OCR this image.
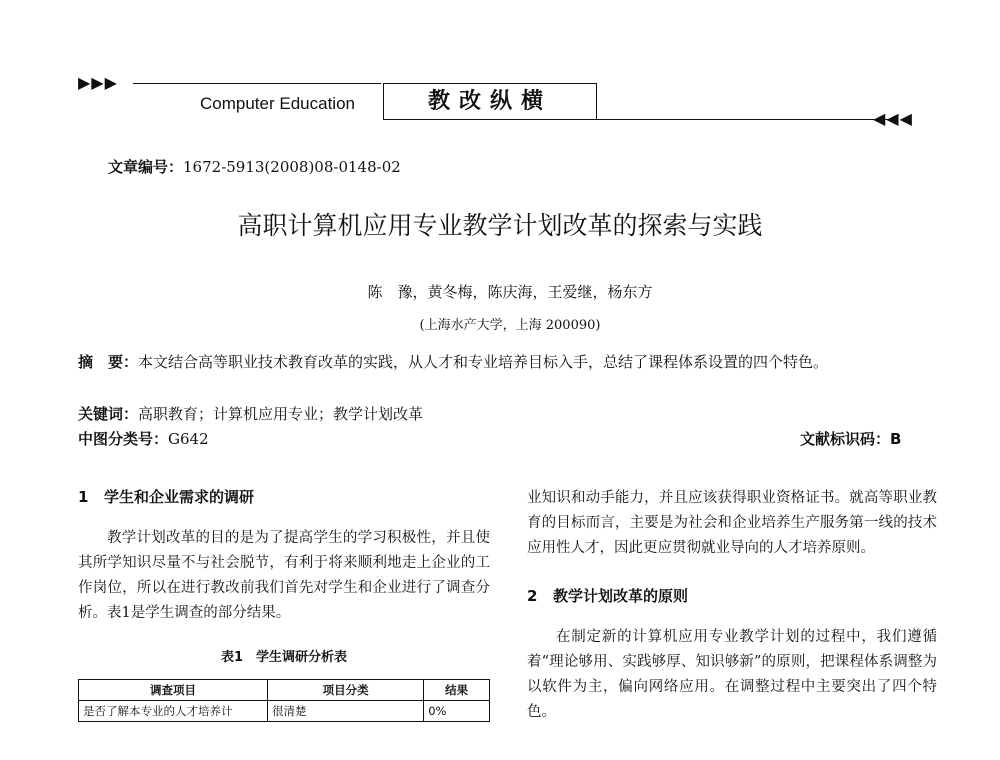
▶▶▶
Computer Education	教改纵横
◀◀◀
文章编号：1672-5913(2008)08-0148-02
高职计算机应用专业教学计划改革的探索与实践
陈　豫，黄冬梅，陈庆海，王爱继，杨东方
(上海水产大学，上海 200090)
摘　要：本文结合高等职业技术教育改革的实践，从人才和专业培养目标入手，总结了课程体系设置的四个特色。
关键词：高职教育；计算机应用专业；教学计划改革
中图分类号：G642	文献标识码：B
1 学生和企业需求的调研
教学计划改革的目的是为了提高学生的学习积极性，并且使其所学知识尽量不与社会脱节，有利于将来顺利地走上企业的工作岗位，所以在进行教改前我们首先对学生和企业进行了调查分析。表1是学生调查的部分结果。
表1　学生调研分析表
调查项目	项目分类	结果
是否了解本专业的人才培养计	很清楚	0%
业知识和动手能力，并且应该获得职业资格证书。就高等职业教育的目标而言，主要是为社会和企业培养生产服务第一线的技术应用性人才，因此更应贯彻就业导向的人才培养原则。
2 教学计划改革的原则
在制定新的计算机应用专业教学计划的过程中，我们遵循着“理论够用、实践够厚、知识够新”的原则，把课程体系调整为以软件为主，偏向网络应用。在调整过程中主要突出了四个特色。
